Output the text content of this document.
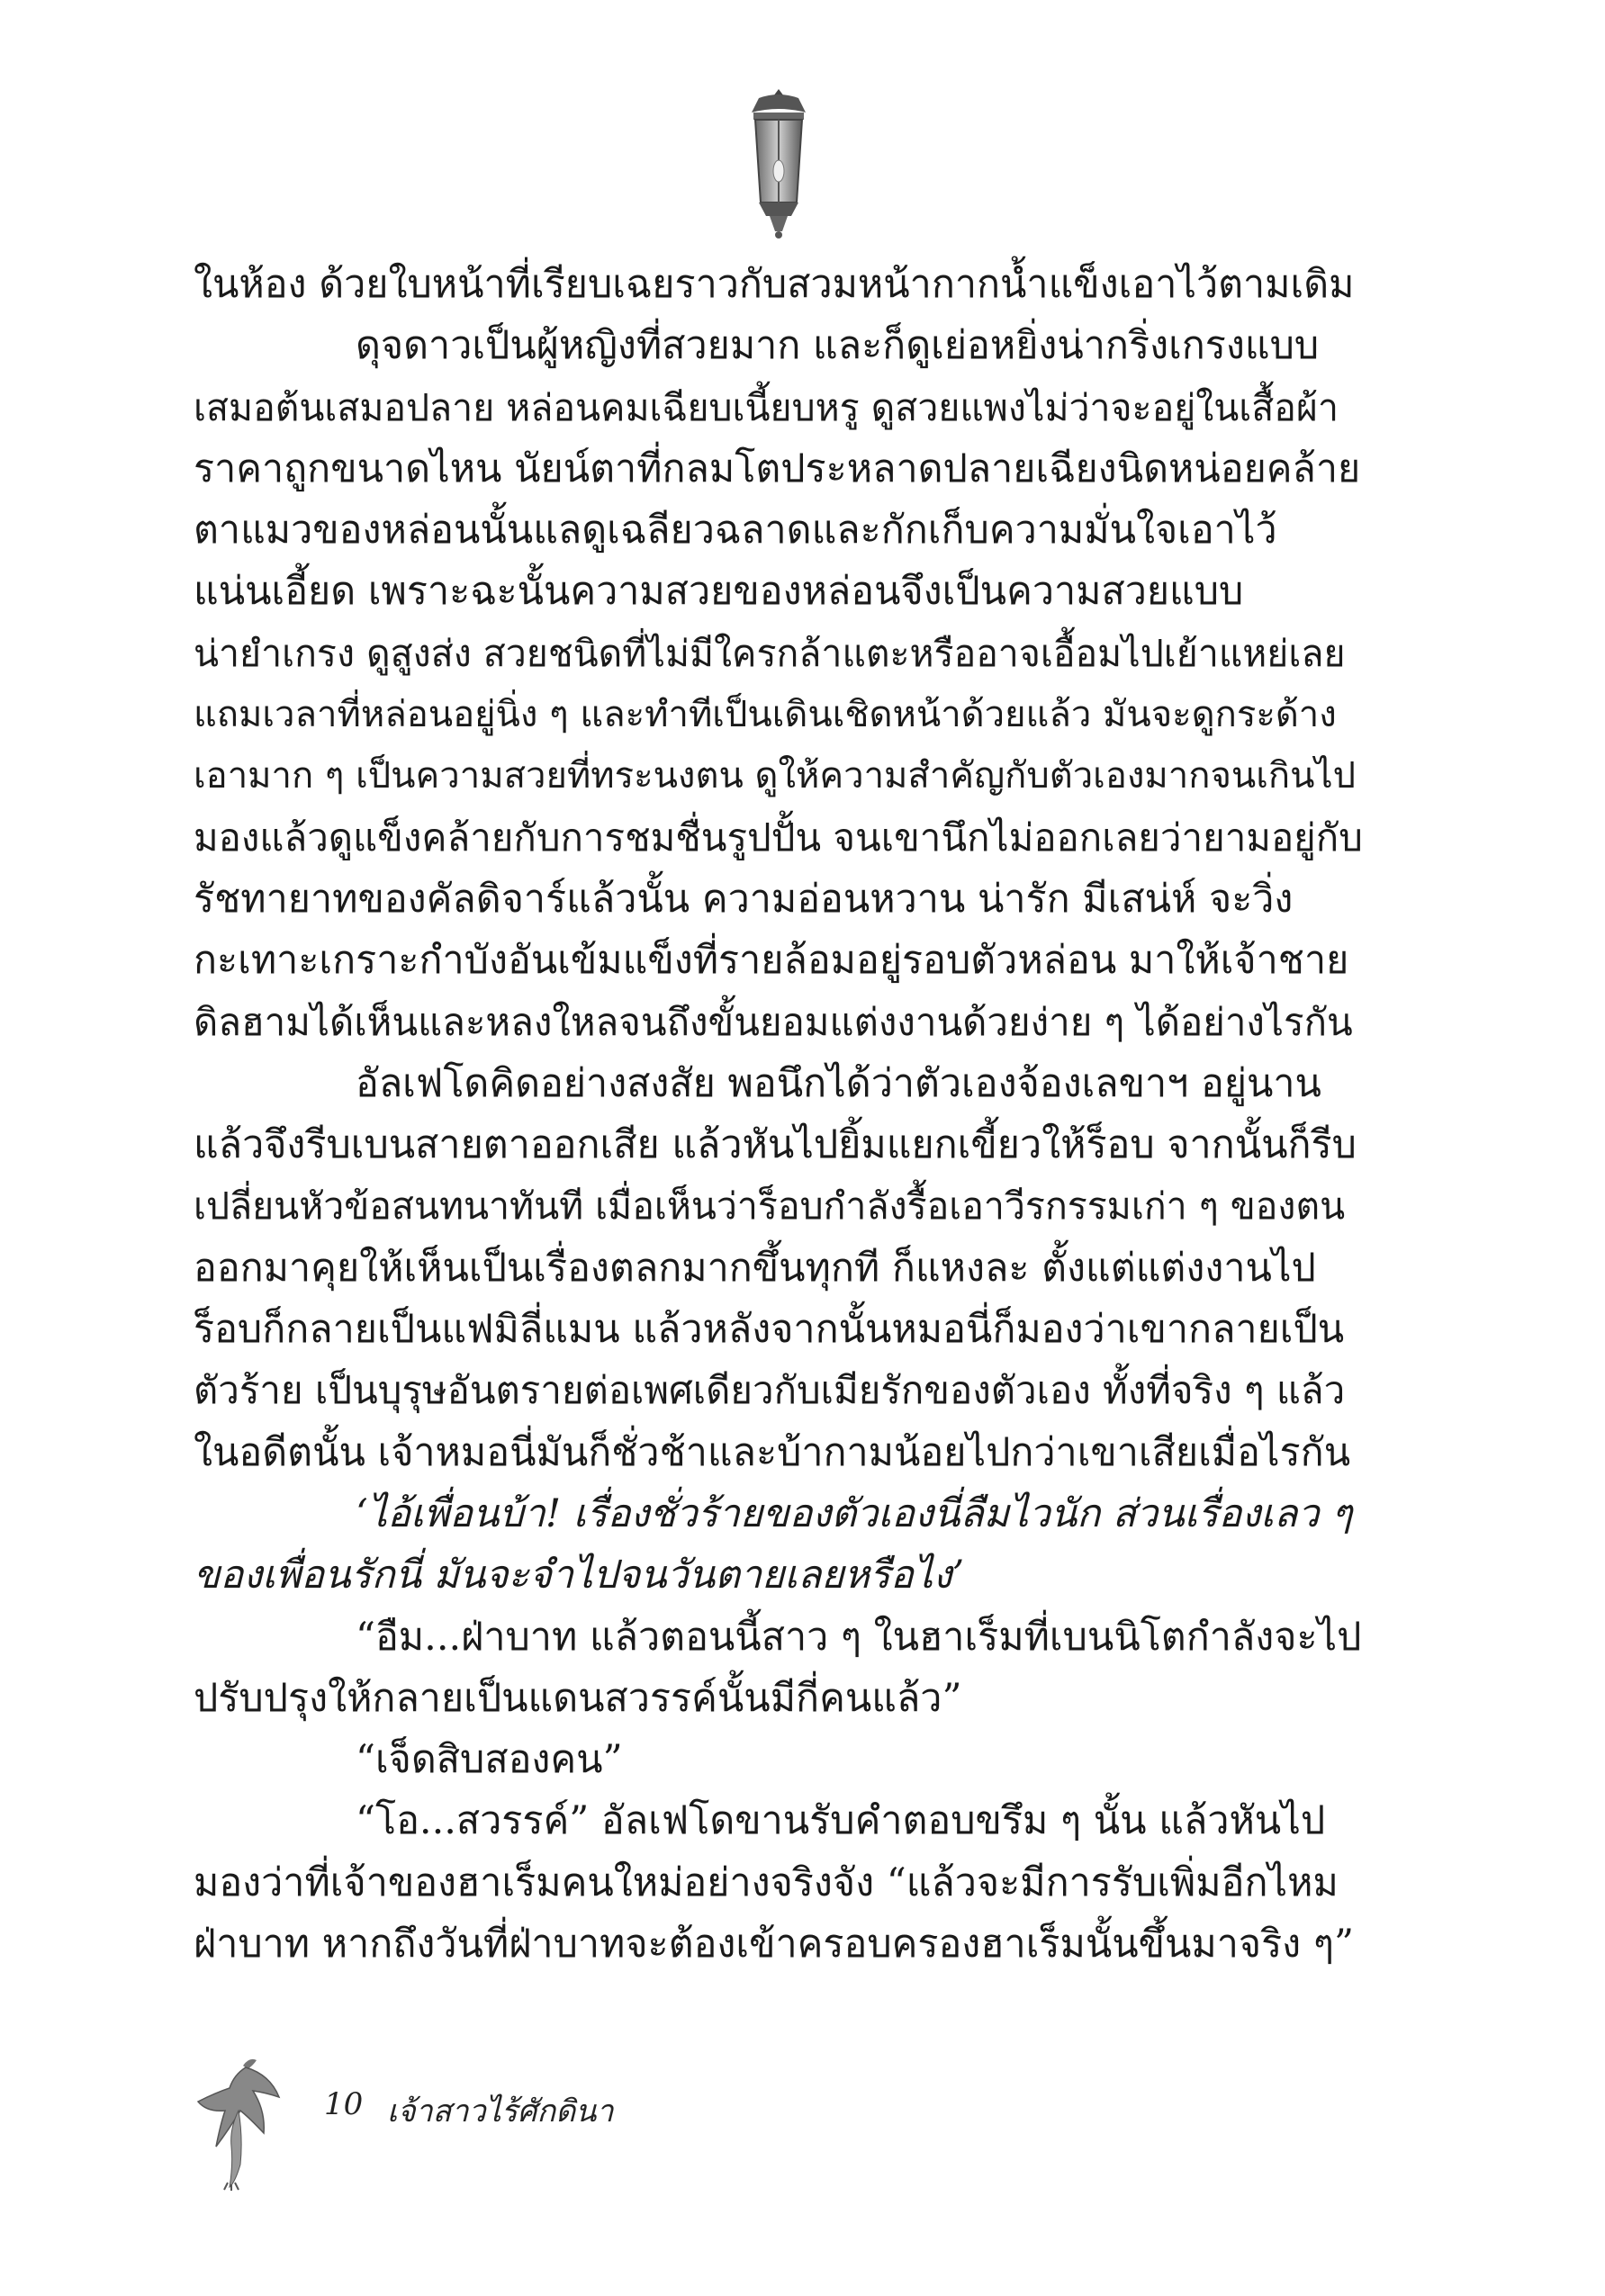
ในห้อง ด้วยใบหน้าที่เรียบเฉยราวกับสวมหน้ากากน้ำแข็งเอาไว้ตามเดิม
ดุจดาวเป็นผู้หญิงที่สวยมาก และก็ดูเย่อหยิ่งน่ากริ่งเกรงแบบ
เสมอต้นเสมอปลาย หล่อนคมเฉียบเนี้ยบหรู ดูสวยแพงไม่ว่าจะอยู่ในเสื้อผ้า
ราคาถูกขนาดไหน นัยน์ตาที่กลมโตประหลาดปลายเฉียงนิดหน่อยคล้าย
ตาแมวของหล่อนนั้นแลดูเฉลียวฉลาดและกักเก็บความมั่นใจเอาไว้
แน่นเอี้ยด เพราะฉะนั้นความสวยของหล่อนจึงเป็นความสวยแบบ
น่ายำเกรง ดูสูงส่ง สวยชนิดที่ไม่มีใครกล้าแตะหรืออาจเอื้อมไปเย้าแหย่เลย
แถมเวลาที่หล่อนอยู่นิ่ง ๆ และทำทีเป็นเดินเชิดหน้าด้วยแล้ว มันจะดูกระด้าง
เอามาก ๆ เป็นความสวยที่ทระนงตน ดูให้ความสำคัญกับตัวเองมากจนเกินไป
มองแล้วดูแข็งคล้ายกับการชมชื่นรูปปั้น จนเขานึกไม่ออกเลยว่ายามอยู่กับ
รัชทายาทของคัลดิจาร์แล้วนั้น ความอ่อนหวาน น่ารัก มีเสน่ห์ จะวิ่ง
กะเทาะเกราะกำบังอันเข้มแข็งที่รายล้อมอยู่รอบตัวหล่อน มาให้เจ้าชาย
ดิลฮามได้เห็นและหลงใหลจนถึงขั้นยอมแต่งงานด้วยง่าย ๆ ได้อย่างไรกัน
อัลเฟโดคิดอย่างสงสัย พอนึกได้ว่าตัวเองจ้องเลขาฯ อยู่นาน
แล้วจึงรีบเบนสายตาออกเสีย แล้วหันไปยิ้มแยกเขี้ยวให้ร็อบ จากนั้นก็รีบ
เปลี่ยนหัวข้อสนทนาทันที เมื่อเห็นว่าร็อบกำลังรื้อเอาวีรกรรมเก่า ๆ ของตน
ออกมาคุยให้เห็นเป็นเรื่องตลกมากขึ้นทุกที ก็แหงละ ตั้งแต่แต่งงานไป
ร็อบก็กลายเป็นแฟมิลี่แมน แล้วหลังจากนั้นหมอนี่ก็มองว่าเขากลายเป็น
ตัวร้าย เป็นบุรุษอันตรายต่อเพศเดียวกับเมียรักของตัวเอง ทั้งที่จริง ๆ แล้ว
ในอดีตนั้น เจ้าหมอนี่มันก็ชั่วช้าและบ้ากามน้อยไปกว่าเขาเสียเมื่อไรกัน
‘ไอ้เพื่อนบ้า! เรื่องชั่วร้ายของตัวเองนี่ลืมไวนัก ส่วนเรื่องเลว ๆ
ของเพื่อนรักนี่ มันจะจำไปจนวันตายเลยหรือไง’
“อืม...ฝ่าบาท แล้วตอนนี้สาว ๆ ในฮาเร็มที่เบนนิโตกำลังจะไป
ปรับปรุงให้กลายเป็นแดนสวรรค์นั้นมีกี่คนแล้ว”
“เจ็ดสิบสองคน”
“โอ...สวรรค์” อัลเฟโดขานรับคำตอบขรึม ๆ นั้น แล้วหันไป
มองว่าที่เจ้าของฮาเร็มคนใหม่อย่างจริงจัง “แล้วจะมีการรับเพิ่มอีกไหม
ฝ่าบาท หากถึงวันที่ฝ่าบาทจะต้องเข้าครอบครองฮาเร็มนั้นขึ้นมาจริง ๆ”
10 เจ้าสาวไร้ศักดินา
